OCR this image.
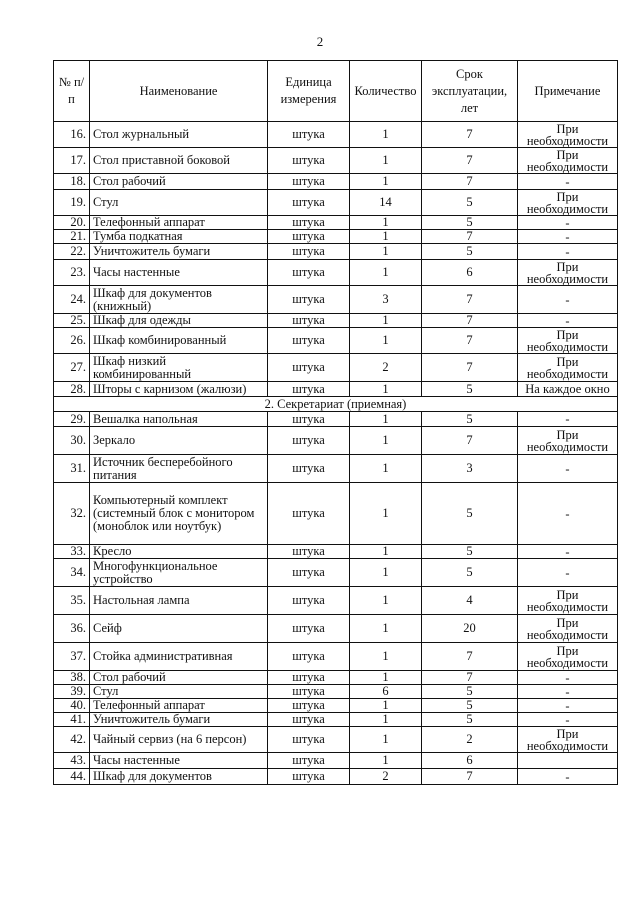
2
№ п/п	Наименование	Единица измерения	Количество	Срок эксплуатации, лет	Примечание
16.	Стол журнальный	штука	1	7	При необходимости
17.	Стол приставной боковой	штука	1	7	При необходимости
18.	Стол рабочий	штука	1	7	-
19.	Стул	штука	14	5	При необходимости
20.	Телефонный аппарат	штука	1	5	-
21.	Тумба подкатная	штука	1	7	-
22.	Уничтожитель бумаги	штука	1	5	-
23.	Часы настенные	штука	1	6	При необходимости
24.	Шкаф для документов (книжный)	штука	3	7	-
25.	Шкаф для одежды	штука	1	7	-
26.	Шкаф комбинированный	штука	1	7	При необходимости
27.	Шкаф низкий комбинированный	штука	2	7	При необходимости
28.	Шторы с карнизом (жалюзи)	штука	1	5	На каждое окно
2. Секретариат (приемная)					
29.	Вешалка напольная	штука	1	5	-
30.	Зеркало	штука	1	7	При необходимости
31.	Источник бесперебойного питания	штука	1	3	-
32.	Компьютерный комплект (системный блок с монитором (моноблок или ноутбук)	штука	1	5	-
33.	Кресло	штука	1	5	-
34.	Многофункциональное устройство	штука	1	5	-
35.	Настольная лампа	штука	1	4	При необходимости
36.	Сейф	штука	1	20	При необходимости
37.	Стойка административная	штука	1	7	При необходимости
38.	Стол рабочий	штука	1	7	-
39.	Стул	штука	6	5	-
40.	Телефонный аппарат	штука	1	5	-
41.	Уничтожитель бумаги	штука	1	5	-
42.	Чайный сервиз (на 6 персон)	штука	1	2	При необходимости
43.	Часы настенные	штука	1	6	
44.	Шкаф для документов	штука	2	7	-
